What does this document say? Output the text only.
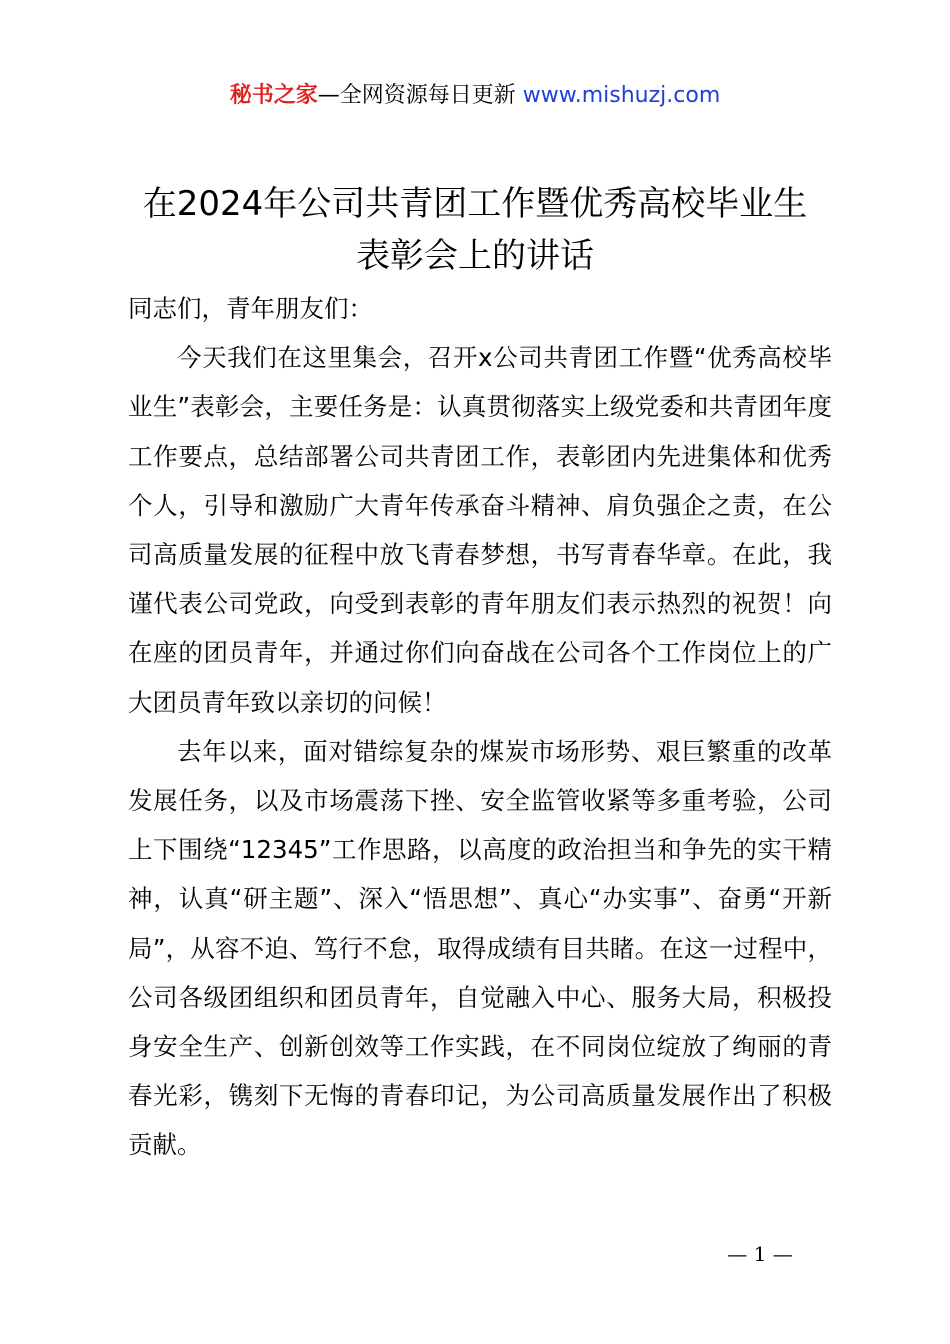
秘书之家—全网资源每日更新 www.mishuzj.com
在2024年公司共青团工作暨优秀高校毕业生
表彰会上的讲话

同志们，青年朋友们：

今天我们在这里集会，召开x公司共青团工作暨“优秀高校毕业生”表彰会，主要任务是：认真贯彻落实上级党委和共青团年度工作要点，总结部署公司共青团工作，表彰团内先进集体和优秀个人，引导和激励广大青年传承奋斗精神、肩负强企之责，在公司高质量发展的征程中放飞青春梦想，书写青春华章。在此，我谨代表公司党政，向受到表彰的青年朋友们表示热烈的祝贺！向在座的团员青年，并通过你们向奋战在公司各个工作岗位上的广大团员青年致以亲切的问候！

去年以来，面对错综复杂的煤炭市场形势、艰巨繁重的改革发展任务，以及市场震荡下挫、安全监管收紧等多重考验，公司上下围绕“12345”工作思路，以高度的政治担当和争先的实干精神，认真“研主题”、深入“悟思想”、真心“办实事”、奋勇“开新局”，从容不迫、笃行不怠，取得成绩有目共睹。在这一过程中，公司各级团组织和团员青年，自觉融入中心、服务大局，积极投身安全生产、创新创效等工作实践，在不同岗位绽放了绚丽的青春光彩，镌刻下无悔的青春印记，为公司高质量发展作出了积极贡献。

— 1 —
